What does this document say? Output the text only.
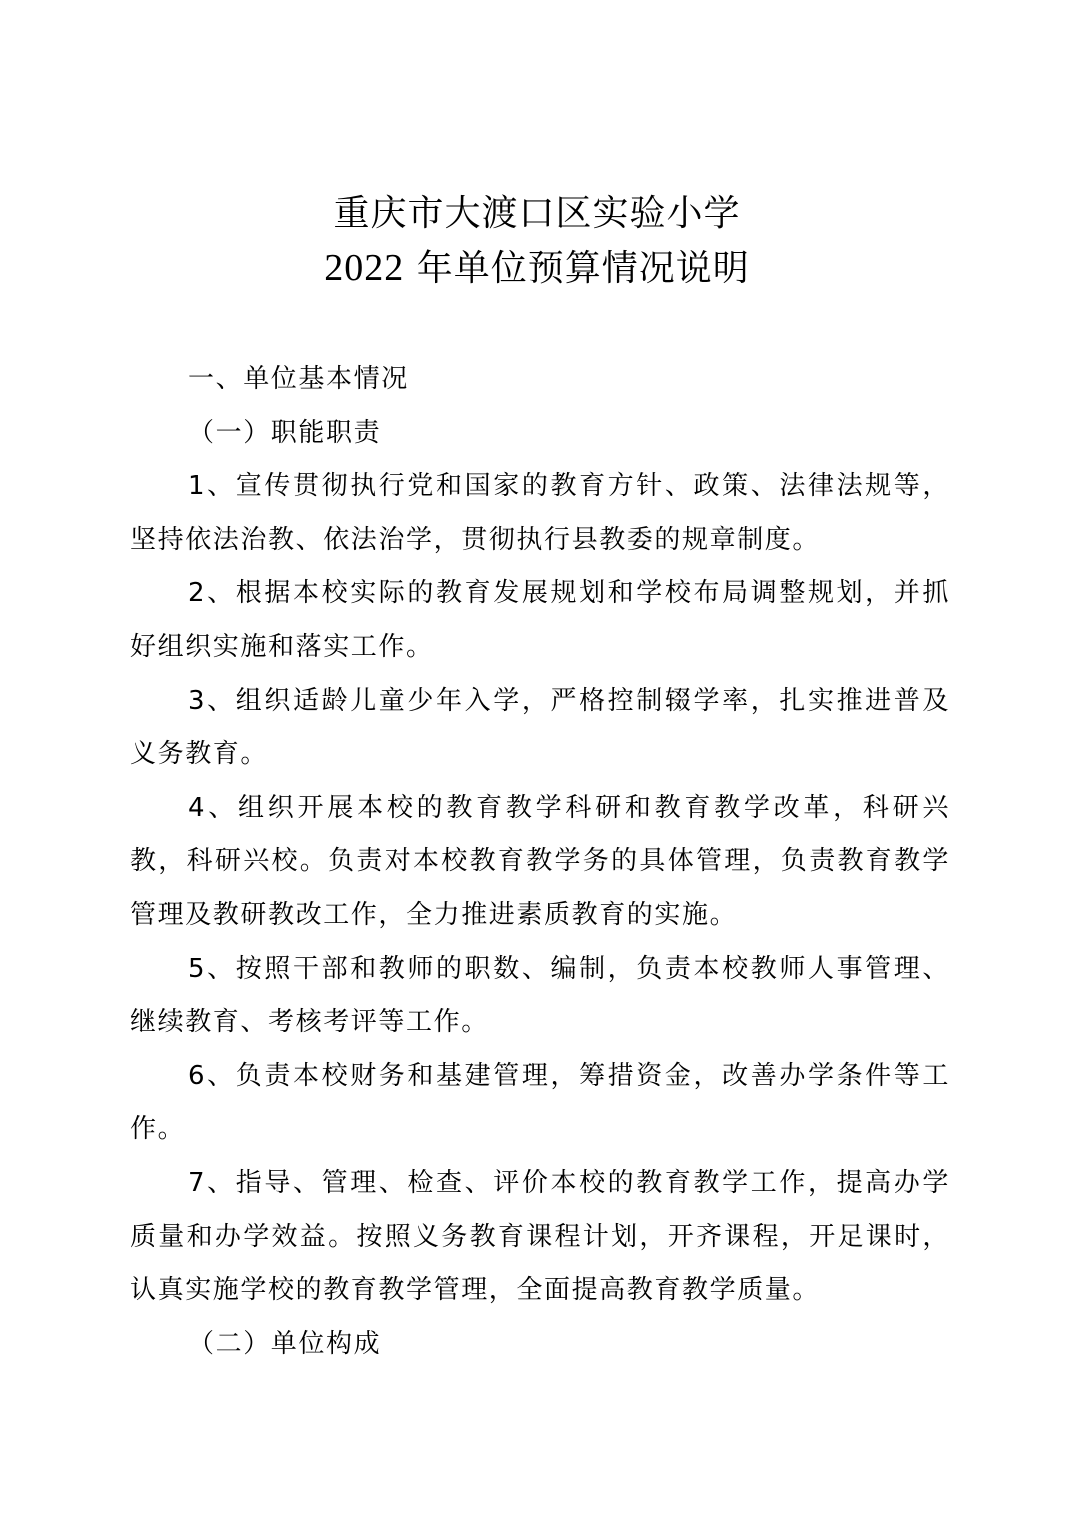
重庆市大渡口区实验小学
2022 年单位预算情况说明

一、单位基本情况

（一）职能职责

1、宣传贯彻执行党和国家的教育方针、政策、法律法规等，坚持依法治教、依法治学，贯彻执行县教委的规章制度。

2、根据本校实际的教育发展规划和学校布局调整规划，并抓好组织实施和落实工作。

3、组织适龄儿童少年入学，严格控制辍学率，扎实推进普及义务教育。

4、组织开展本校的教育教学科研和教育教学改革，科研兴教，科研兴校。负责对本校教育教学务的具体管理，负责教育教学管理及教研教改工作，全力推进素质教育的实施。

5、按照干部和教师的职数、编制，负责本校教师人事管理、继续教育、考核考评等工作。

6、负责本校财务和基建管理，筹措资金，改善办学条件等工作。

7、指导、管理、检查、评价本校的教育教学工作，提高办学质量和办学效益。按照义务教育课程计划，开齐课程，开足课时，认真实施学校的教育教学管理，全面提高教育教学质量。

（二）单位构成
